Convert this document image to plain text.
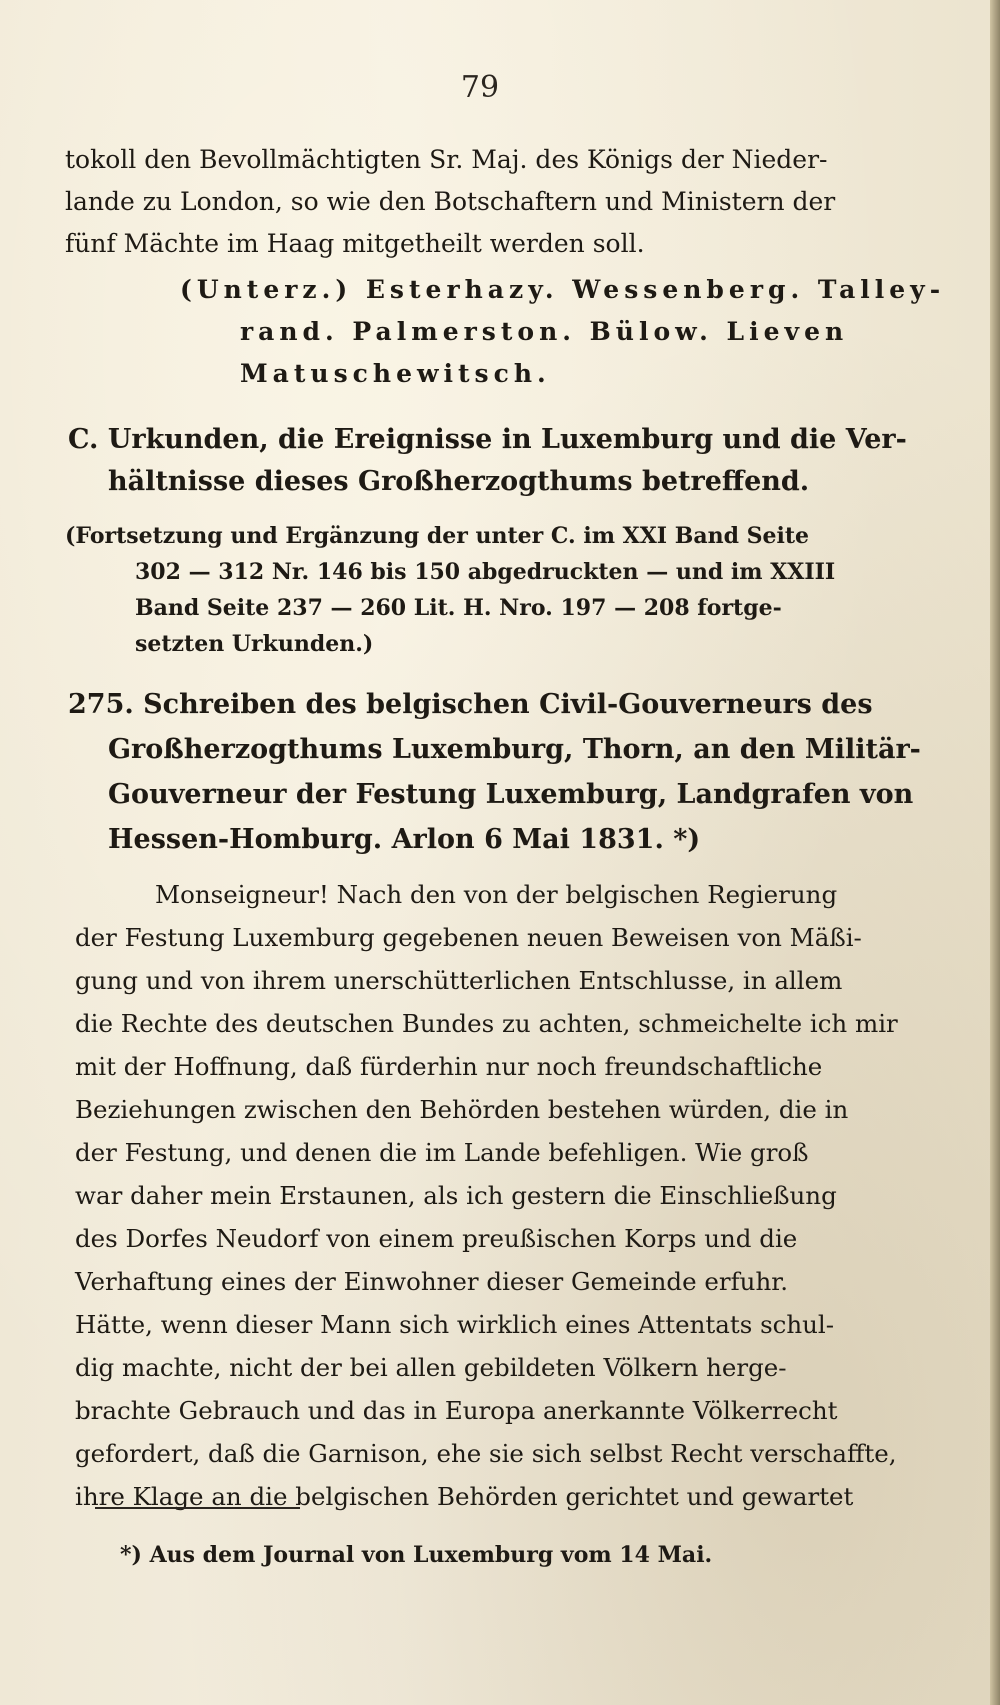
79
tokoll den Bevollmächtigten Sr. Maj. des Königs der Nieder-
lande zu London, so wie den Botschaftern und Ministern der
fünf Mächte im Haag mitgetheilt werden soll.
(Unterz.) Esterhazy. Wessenberg. Talley-
rand. Palmerston. Bülow. Lieven
Matuschewitsch.
C. Urkunden, die Ereignisse in Luxemburg und die Ver-
hältnisse dieses Großherzogthums betreffend.
(Fortsetzung und Ergänzung der unter C. im XXI Band Seite
302 — 312 Nr. 146 bis 150 abgedruckten — und im XXIII
Band Seite 237 — 260 Lit. H. Nro. 197 — 208 fortge-
setzten Urkunden.)
275. Schreiben des belgischen Civil-Gouverneurs des
Großherzogthums Luxemburg, Thorn, an den Militär-
Gouverneur der Festung Luxemburg, Landgrafen von
Hessen-Homburg. Arlon 6 Mai 1831. *)
Monseigneur! Nach den von der belgischen Regierung
der Festung Luxemburg gegebenen neuen Beweisen von Mäßi-
gung und von ihrem unerschütterlichen Entschlusse, in allem
die Rechte des deutschen Bundes zu achten, schmeichelte ich mir
mit der Hoffnung, daß fürderhin nur noch freundschaftliche
Beziehungen zwischen den Behörden bestehen würden, die in
der Festung, und denen die im Lande befehligen. Wie groß
war daher mein Erstaunen, als ich gestern die Einschließung
des Dorfes Neudorf von einem preußischen Korps und die
Verhaftung eines der Einwohner dieser Gemeinde erfuhr.
Hätte, wenn dieser Mann sich wirklich eines Attentats schul-
dig machte, nicht der bei allen gebildeten Völkern herge-
brachte Gebrauch und das in Europa anerkannte Völkerrecht
gefordert, daß die Garnison, ehe sie sich selbst Recht verschaffte,
ihre Klage an die belgischen Behörden gerichtet und gewartet
*) Aus dem Journal von Luxemburg vom 14 Mai.
